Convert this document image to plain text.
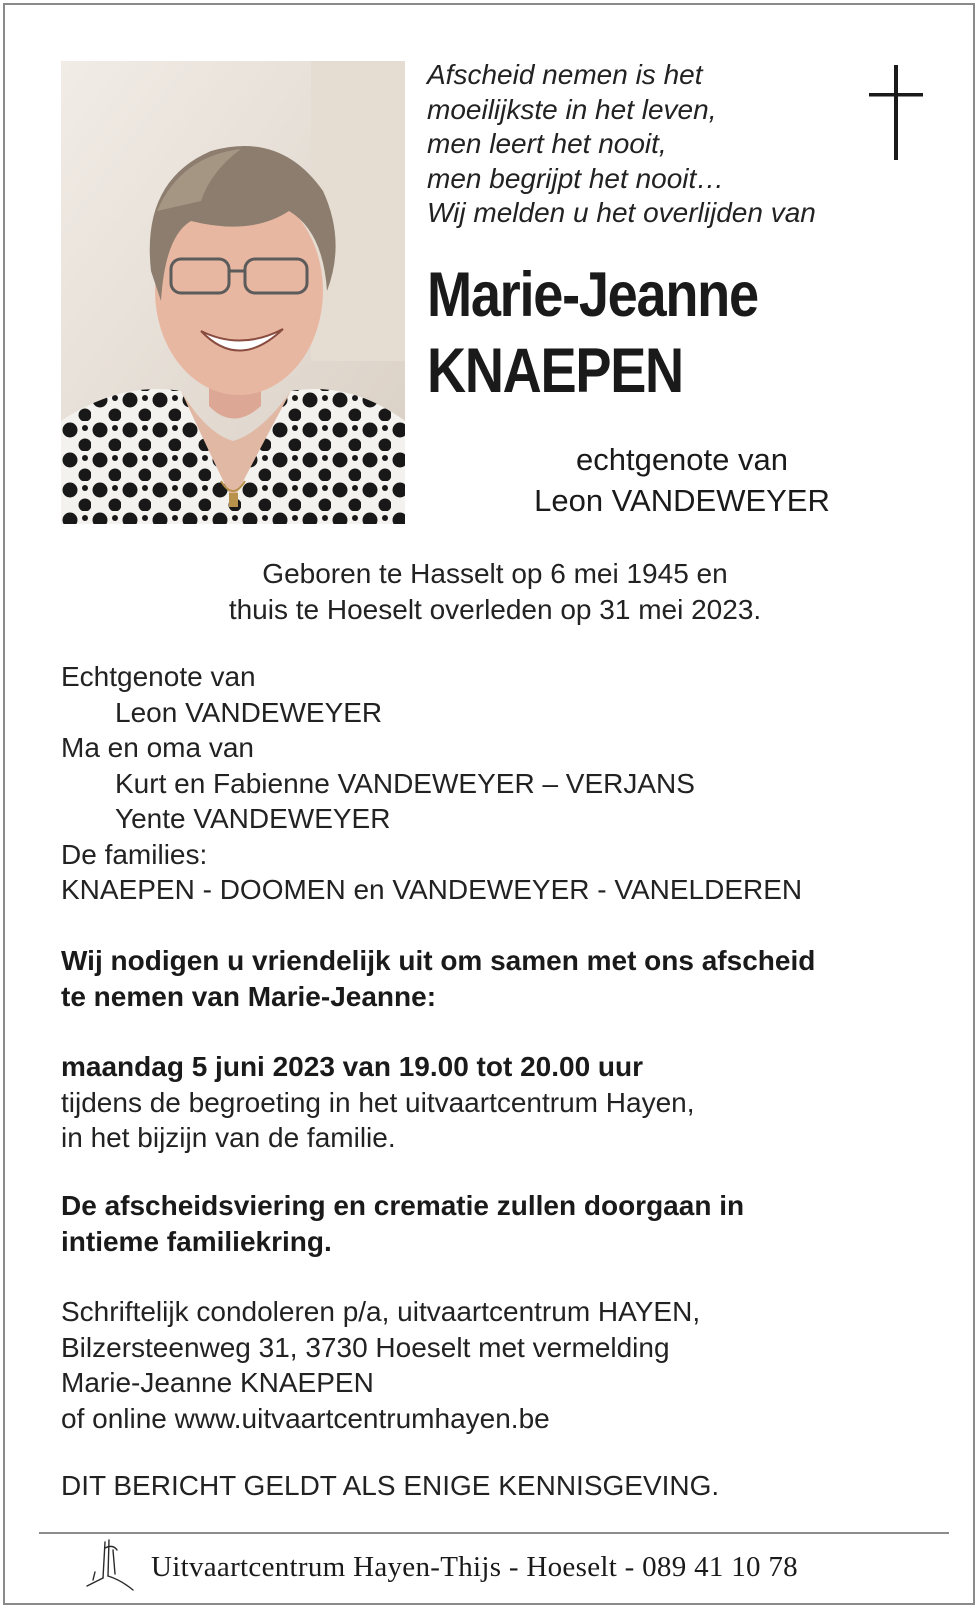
Afscheid nemen is het
moeilijkste in het leven,
men leert het nooit,
men begrijpt het nooit…
Wij melden u het overlijden van
Marie-Jeanne
KNAEPEN
echtgenote van
Leon VANDEWEYER
Geboren te Hasselt op 6 mei 1945 en
thuis te Hoeselt overleden op 31 mei 2023.
Echtgenote van
Leon VANDEWEYER
Ma en oma van
Kurt en Fabienne VANDEWEYER – VERJANS
Yente VANDEWEYER
De families:
KNAEPEN - DOOMEN en VANDEWEYER - VANELDEREN
Wij nodigen u vriendelijk uit om samen met ons afscheid
te nemen van Marie-Jeanne:
maandag 5 juni 2023 van 19.00 tot 20.00 uur
tijdens de begroeting in het uitvaartcentrum Hayen,
in het bijzijn van de familie.
De afscheidsviering en crematie zullen doorgaan in
intieme familiekring.
Schriftelijk condoleren p/a, uitvaartcentrum HAYEN,
Bilzersteenweg 31, 3730 Hoeselt met vermelding
Marie-Jeanne KNAEPEN
of online www.uitvaartcentrumhayen.be
DIT BERICHT GELDT ALS ENIGE KENNISGEVING.
Uitvaartcentrum Hayen-Thijs - Hoeselt - 089 41 10 78
